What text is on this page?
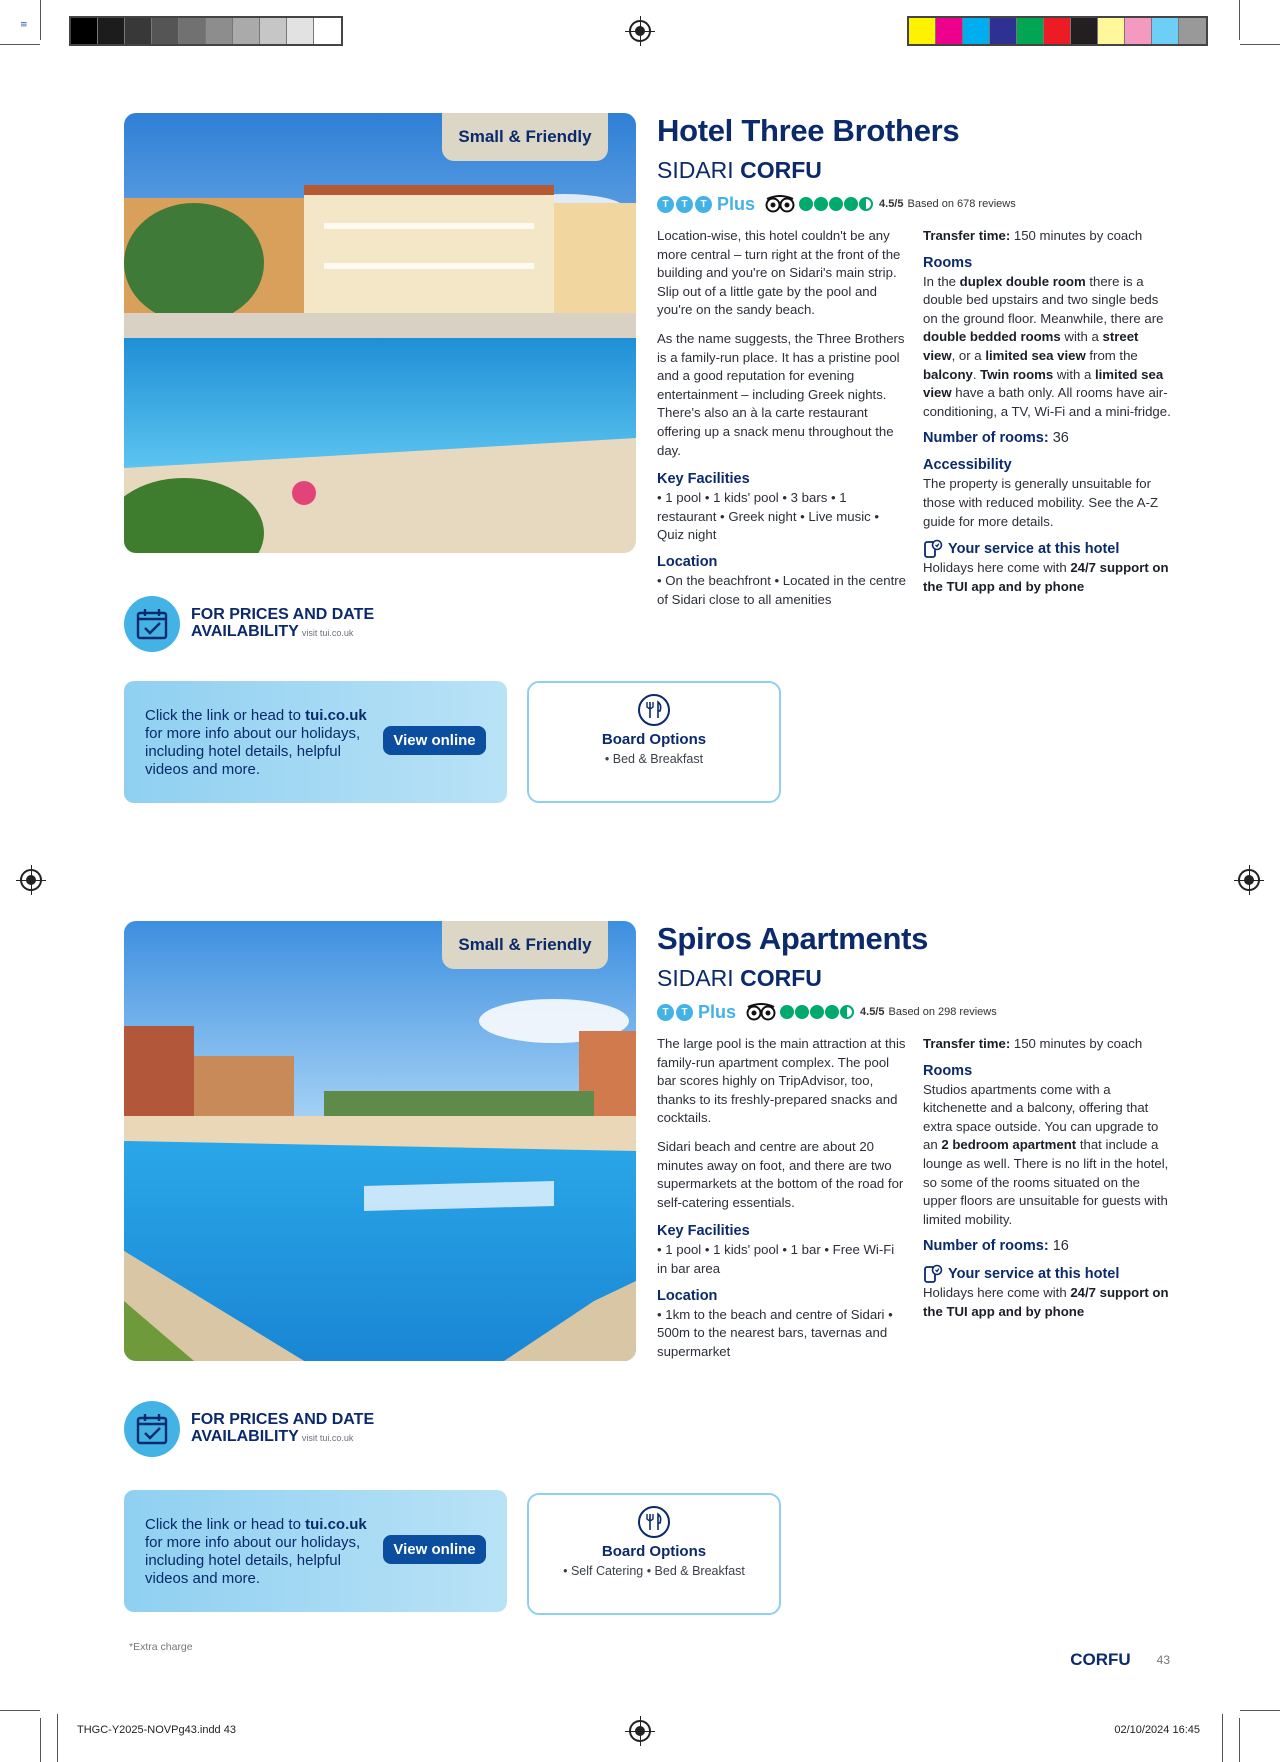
≡
Small & Friendly	Hotel Three Brothers
SIDARI CORFU
T	T	T Plus	4.5/5 Based on 678 reviews

Location-wise, this hotel couldn't be any more central – turn right at the front of the building and you're on Sidari's main strip. Slip out of a little gate by the pool and you're on the sandy beach.

As the name suggests, the Three Brothers is a family-run place. It has a pristine pool and a good reputation for evening entertainment – including Greek nights. There's also an à la carte restaurant offering up a snack menu throughout the day.

Key Facilities
• 1 pool • 1 kids' pool • 3 bars • 1 restaurant • Greek night • Live music • Quiz night
Location
• On the beachfront • Located in the centre of Sidari close to all amenities
Transfer time: 150 minutes by coach
Rooms
In the duplex double room there is a double bed upstairs and two single beds on the ground floor. Meanwhile, there are double bedded rooms with a street view, or a limited sea view from the balcony. Twin rooms with a limited sea view have a bath only. All rooms have air-conditioning, a TV, Wi-Fi and a mini-fridge.
Number of rooms: 36
Accessibility
The property is generally unsuitable for those with reduced mobility. See the A-Z guide for more details.
Your service at this hotel
Holidays here come with 24/7 support on the TUI app and by phone
FOR PRICES AND DATE
AVAILABILITY visit tui.co.uk
Click the link or head to tui.co.uk for more info about our holidays, including hotel details, helpful videos and more.
View online	Board Options
• Bed & Breakfast
Small & Friendly	Spiros Apartments
SIDARI CORFU
T	T Plus	4.5/5 Based on 298 reviews

The large pool is the main attraction at this family-run apartment complex. The pool bar scores highly on TripAdvisor, too, thanks to its freshly-prepared snacks and cocktails.

Sidari beach and centre are about 20 minutes away on foot, and there are two supermarkets at the bottom of the road for self-catering essentials.

Key Facilities
• 1 pool • 1 kids' pool • 1 bar • Free Wi-Fi in bar area
Location
• 1km to the beach and centre of Sidari • 500m to the nearest bars, tavernas and supermarket
Transfer time: 150 minutes by coach
Rooms
Studios apartments come with a kitchenette and a balcony, offering that extra space outside. You can upgrade to an 2 bedroom apartment that include a lounge as well. There is no lift in the hotel, so some of the rooms situated on the upper floors are unsuitable for guests with limited mobility.
Number of rooms: 16
Your service at this hotel
Holidays here come with 24/7 support on the TUI app and by phone
FOR PRICES AND DATE
AVAILABILITY visit tui.co.uk
Click the link or head to tui.co.uk for more info about our holidays, including hotel details, helpful videos and more.
View online	Board Options
• Self Catering • Bed & Breakfast
*Extra charge
CORFU 43
THGC-Y2025-NOVPg43.indd 43	02/10/2024 16:45
